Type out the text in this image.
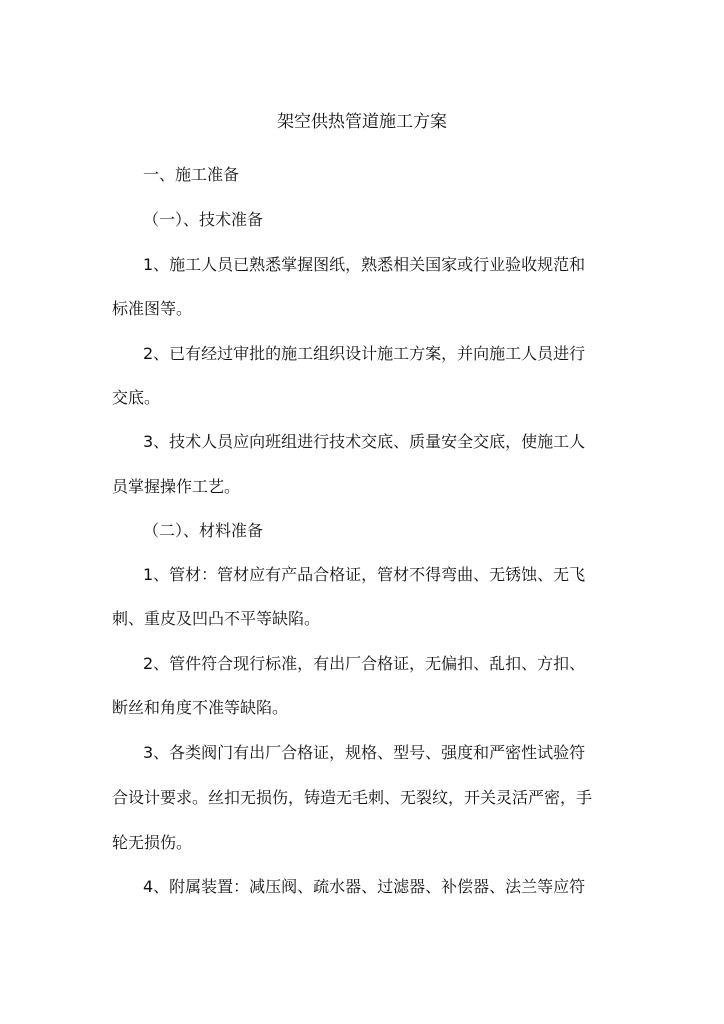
架空供热管道施工方案
一、施工准备
（一）、技术准备
1、施工人员已熟悉掌握图纸，熟悉相关国家或行业验收规范和
标准图等。
2、已有经过审批的施工组织设计施工方案，并向施工人员进行
交底。
3、技术人员应向班组进行技术交底、质量安全交底，使施工人
员掌握操作工艺。
（二）、材料准备
1、管材：管材应有产品合格证，管材不得弯曲、无锈蚀、无飞
刺、重皮及凹凸不平等缺陷。
2、管件符合现行标准，有出厂合格证，无偏扣、乱扣、方扣、
断丝和角度不准等缺陷。
3、各类阀门有出厂合格证，规格、型号、强度和严密性试验符
合设计要求。丝扣无损伤，铸造无毛刺、无裂纹，开关灵活严密，手
轮无损伤。
4、附属装置：减压阀、疏水器、过滤器、补偿器、法兰等应符
